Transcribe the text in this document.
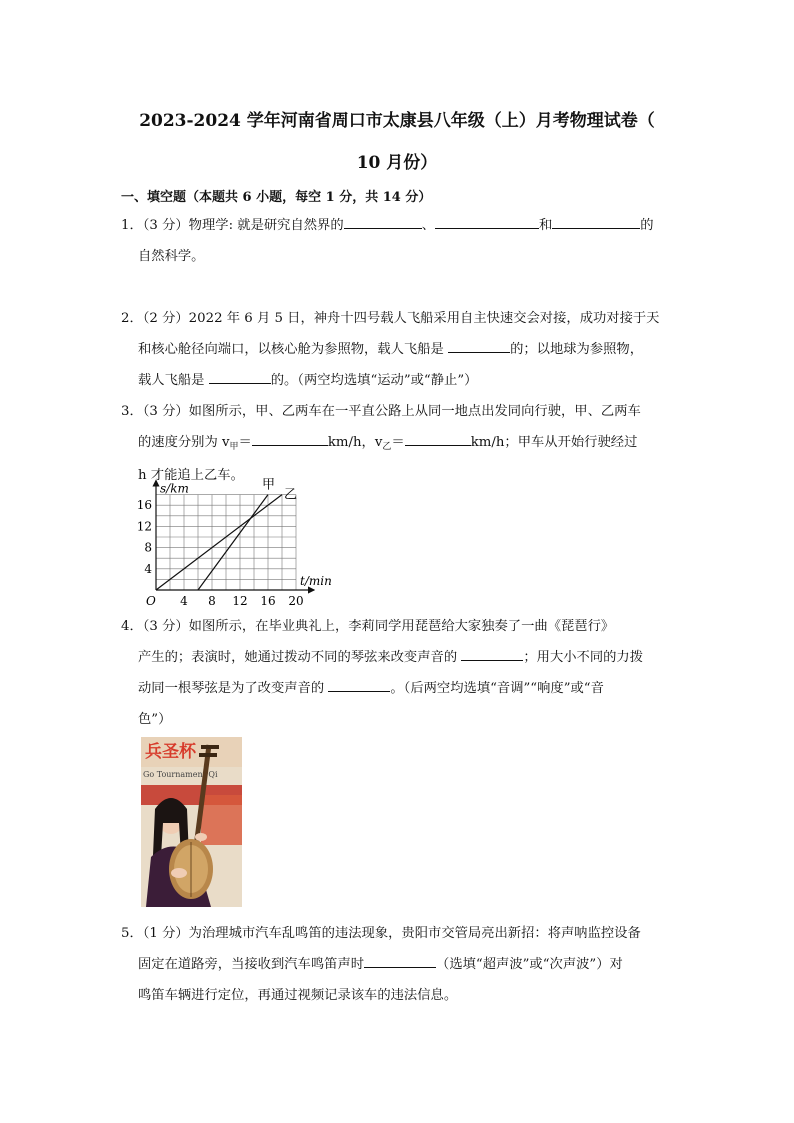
2023-2024 学年河南省周口市太康县八年级（上）月考物理试卷（
10 月份）
一、填空题（本题共 6 小题，每空 1 分，共 14 分）
1．（3 分）物理学: 就是研究自然界的	、	和	的
自然科学。
2．（2 分）2022 年 6 月 5 日，神舟十四号载人飞船采用自主快速交会对接，成功对接于天
和核心舱径向端口，以核心舱为参照物，载人飞船是	的；以地球为参照物，
载人飞船是	的。（两空均选填“运动”或“静止”）
3．（3 分）如图所示，甲、乙两车在一平直公路上从同一地点出发同向行驶，甲、乙两车
的速度分别为 $v_甲=$	km/h，$v_乙=$	km/h；甲车从开始行驶经过
h 才能追上乙车。
4 8 12 16 20
4
8
12
16
甲
乙
t/min
s/km
O
4．（3 分）如图所示，在毕业典礼上，李莉同学用琵琶给大家独奏了一曲《琵琶行》
产生的；表演时，她通过拨动不同的琴弦来改变声音的	；用大小不同的力拨
动同一根琴弦是为了改变声音的	。（后两空均选填“音调”“响度”或“音
色”）
兵圣杯
Go Tournament Qi
5．（1 分）为治理城市汽车乱鸣笛的违法现象，贵阳市交管局亮出新招：将声呐监控设备
固定在道路旁，当接收到汽车鸣笛声时	（选填“超声波”或“次声波”）对
鸣笛车辆进行定位，再通过视频记录该车的违法信息。
